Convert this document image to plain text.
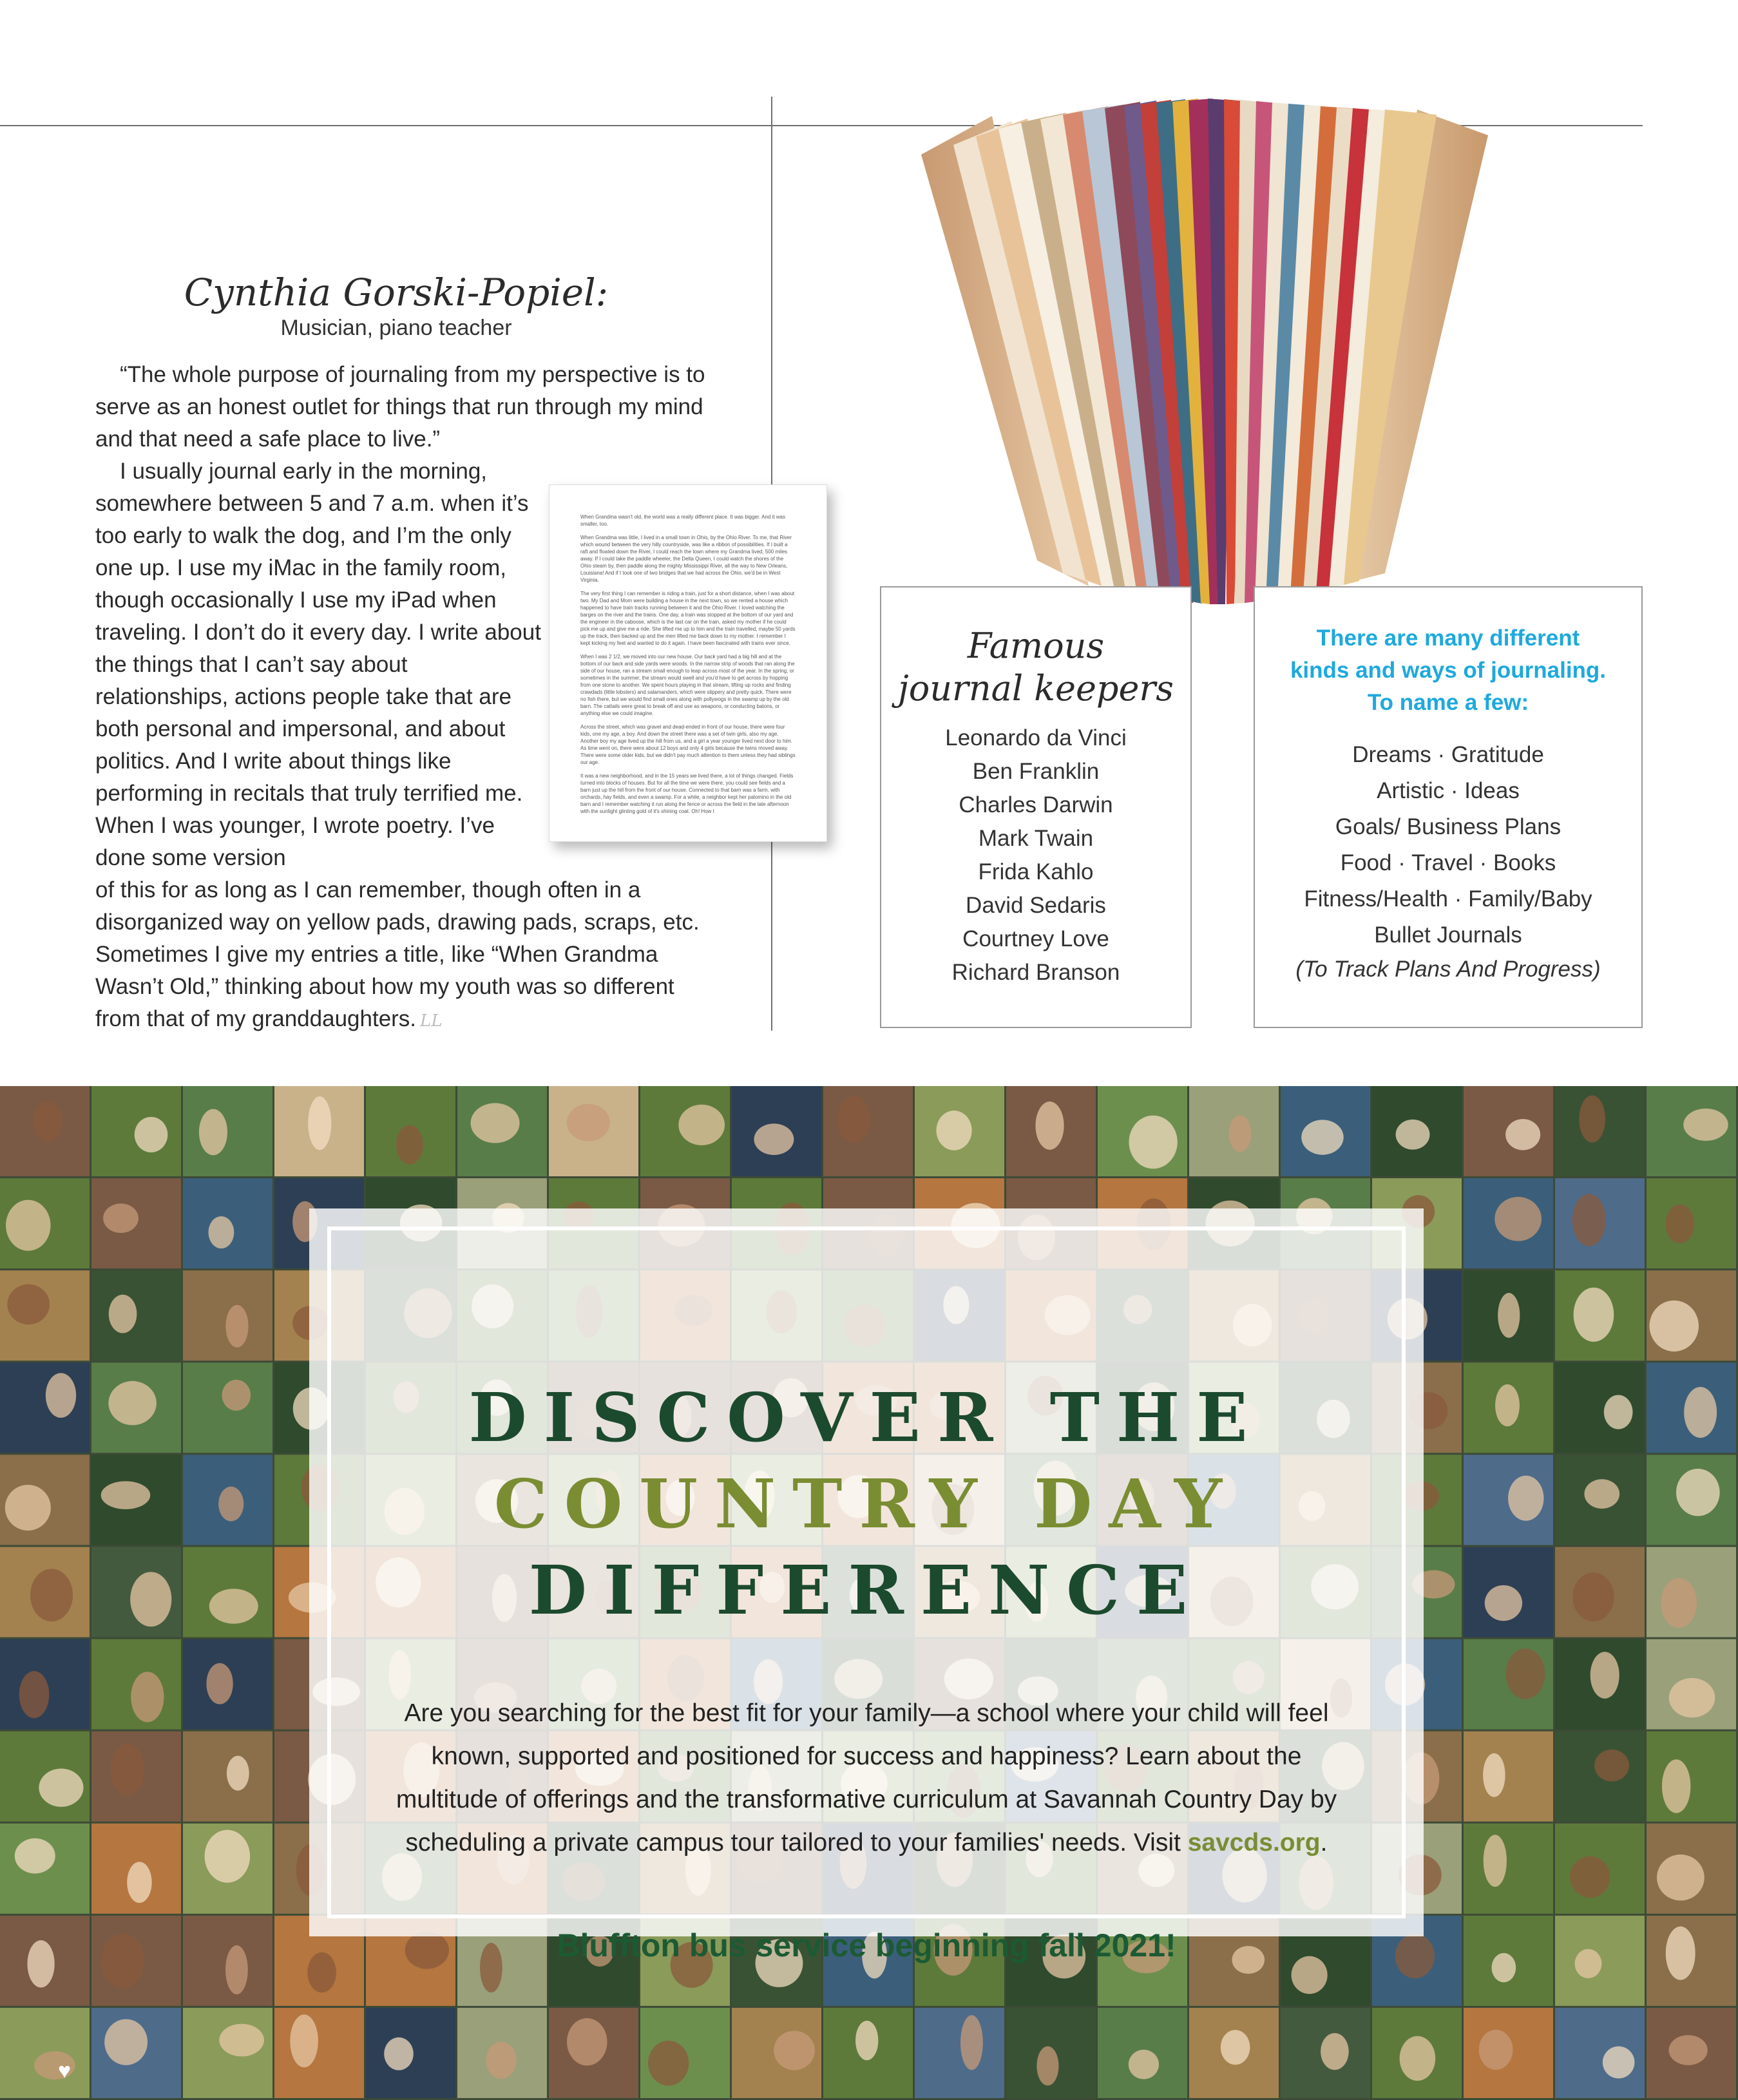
Cynthia Gorski-Popiel:
Musician, piano teacher
“The whole purpose of journaling from my perspective is to serve as an honest outlet for things that run through my mind and that need a safe place to live.”
I usually journal early in the morning, somewhere between 5 and 7 a.m. when it’s too early to walk the dog, and I’m the only one up. I use my iMac in the family room, though occasionally I use my iPad when traveling. I don’t do it every day. I write about the things that I can’t say about relationships, actions people take that are both personal and impersonal, and about politics. And I write about things like performing in recitals that truly terrified me. When I was younger, I wrote poetry. I’ve done some version
of this for as long as I can remember, though often in a disorganized way on yellow pads, drawing pads, scraps, etc. Sometimes I give my entries a title, like “When Grandma Wasn’t Old,” thinking about how my youth was so different from that of my granddaughters. LL

When Grandma wasn't old, the world was a really different place. It was bigger. And it was smaller, too.

When Grandma was little, I lived in a small town in Ohio, by the Ohio River. To me, that River which wound between the very hilly countryside, was like a ribbon of possibilities. If I built a raft and floated down the River, I could reach the town where my Grandma lived, 500 miles away. If I could take the paddle wheeler, the Delta Queen, I could watch the shores of the Ohio steam by, then paddle along the mighty Mississippi River, all the way to New Orleans, Louisiana! And if I took one of two bridges that we had across the Ohio, we'd be in West Virginia.

The very first thing I can remember is riding a train, just for a short distance, when I was about two. My Dad and Mom were building a house in the next town, so we rented a house which happened to have train tracks running between it and the Ohio River. I loved watching the barges on the river and the trains. One day, a train was stopped at the bottom of our yard and the engineer in the caboose, which is the last car on the train, asked my mother if he could pick me up and give me a ride. She lifted me up to him and the train travelled, maybe 50 yards up the track, then backed up and the men lifted me back down to my mother. I remember I kept kicking my feet and wanted to do it again. I have been fascinated with trains ever since.

When I was 2 1/2, we moved into our new house. Our back yard had a big hill and at the bottom of our back and side yards were woods. In the narrow strip of woods that ran along the side of our house, ran a stream small enough to leap across most of the year. In the spring, or sometimes in the summer, the stream would swell and you'd have to get across by hopping from one stone to another. We spent hours playing in that stream, lifting up rocks and finding crawdads (little lobsters) and salamanders, which were slippery and pretty quick. There were no fish there, but we would find small ones along with pollywogs in the swamp up by the old barn. The cattails were great to break off and use as weapons, or conducting batons, or anything else we could imagine.

Across the street, which was gravel and dead-ended in front of our house, there were four kids, one my age, a boy. And down the street there was a set of twin girls, also my age. Another boy my age lived up the hill from us, and a girl a year younger lived next door to him. As time went on, there were about 12 boys and only 4 girls because the twins moved away. There were some older kids, but we didn't pay much attention to them unless they had siblings our age.

It was a new neighborhood, and in the 15 years we lived there, a lot of things changed. Fields turned into blocks of houses. But for all the time we were there, you could see fields and a barn just up the hill from the front of our house. Connected to that barn was a farm, with orchards, hay fields, and even a swamp. For a while, a neighbor kept her palomino in the old barn and I remember watching it run along the fence or across the field in the late afternoon with the sunlight glinting gold of it's shining coat. Oh! How I

Famous
journal keepers
Leonardo da Vinci
Ben Franklin
Charles Darwin
Mark Twain
Frida Kahlo
David Sedaris
Courtney Love
Richard Branson
There are many different
kinds and ways of journaling.
To name a few:
Dreams · Gratitude
Artistic · Ideas
Goals/ Business Plans
Food · Travel · Books
Fitness/Health · Family/Baby
Bullet Journals
(To Track Plans And Progress)
DISCOVER THE
COUNTRY DAY
DIFFERENCE
Are you searching for the best fit for your family—a school where your child will feel known, supported and positioned for success and happiness? Learn about the multitude of offerings and the transformative curriculum at Savannah Country Day by scheduling a private campus tour tailored to your families' needs. Visit savcds.org.
Bluffton bus service beginning fall 2021!
♥
